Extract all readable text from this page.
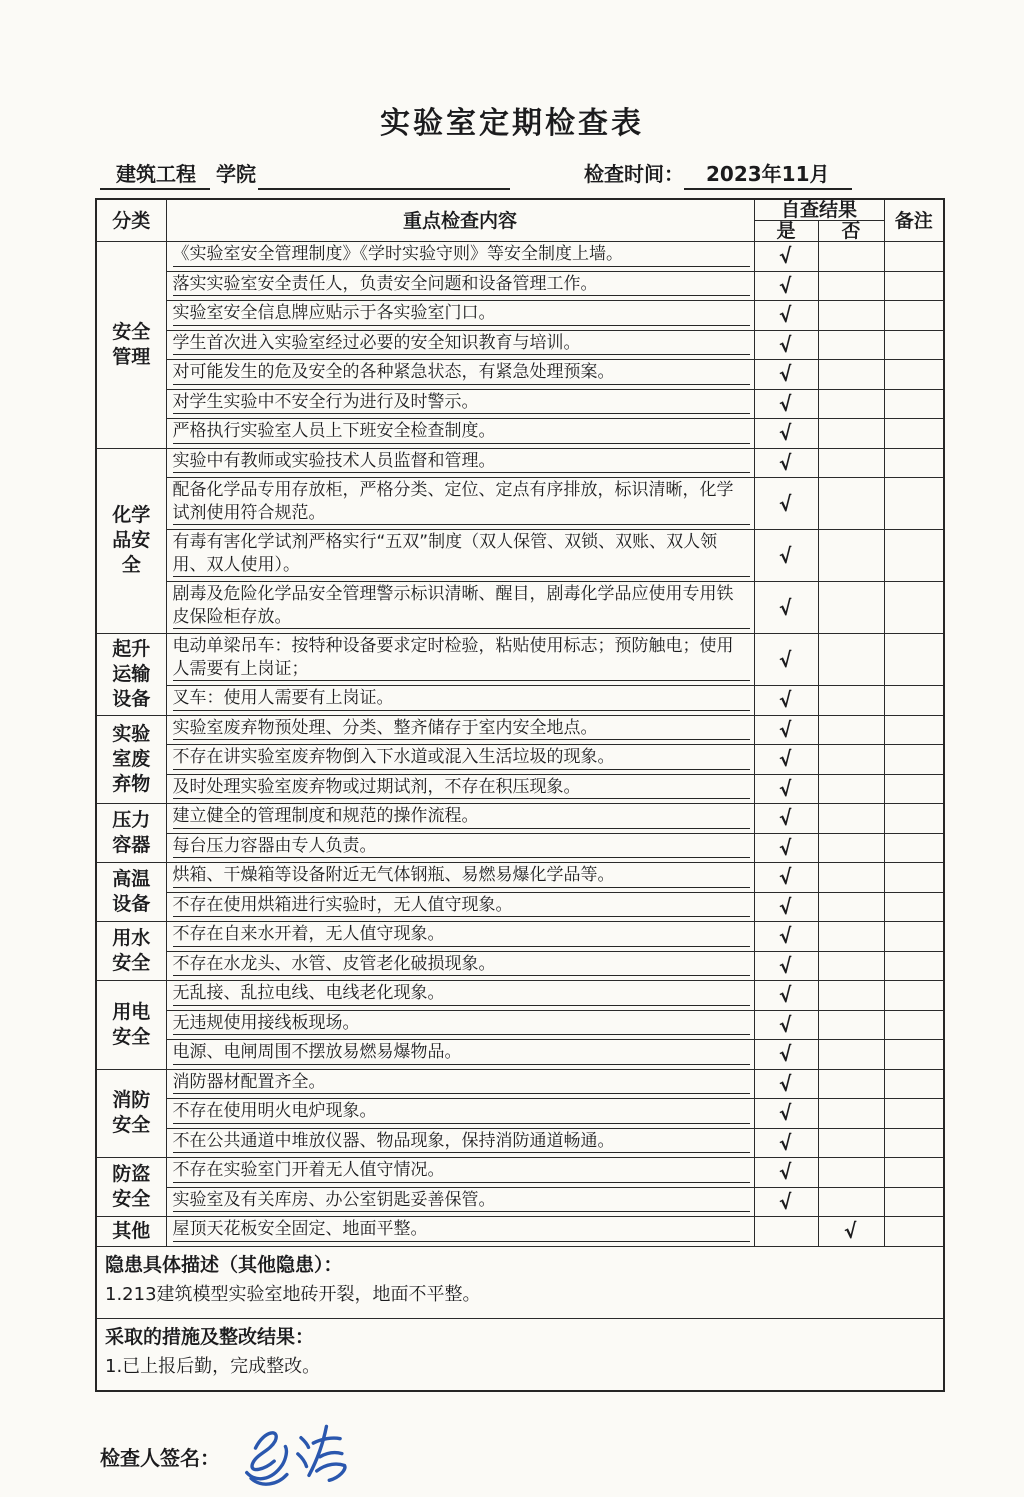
实验室定期检查表
建筑工程 学院	检查时间： 2023年11月
分类	重点检查内容	自查结果		备注
		是	否	
安全管理	《实验室安全管理制度》《学时实验守则》等安全制度上墙。	√		

	落实实验室安全责任人，负责安全问题和设备管理工作。	√		

	实验室安全信息牌应贴示于各实验室门口。	√		

	学生首次进入实验室经过必要的安全知识教育与培训。	√		

	对可能发生的危及安全的各种紧急状态，有紧急处理预案。	√		

	对学生实验中不安全行为进行及时警示。	√		

	严格执行实验室人员上下班安全检查制度。	√		
化学品安全	实验中有教师或实验技术人员监督和管理。	√		

	配备化学品专用存放柜，严格分类、定位、定点有序排放，标识清晰，化学试剂使用符合规范。	√		

	有毒有害化学试剂严格实行“五双”制度（双人保管、双锁、双账、双人领用、双人使用）。	√		

	剧毒及危险化学品安全管理警示标识清晰、醒目，剧毒化学品应使用专用铁皮保险柜存放。	√		
起升运输设备	电动单梁吊车：按特种设备要求定时检验，粘贴使用标志；预防触电；使用人需要有上岗证；	√		

	叉车：使用人需要有上岗证。	√		
实验室废弃物	实验室废弃物预处理、分类、整齐储存于室内安全地点。	√		

	不存在讲实验室废弃物倒入下水道或混入生活垃圾的现象。	√		

	及时处理实验室废弃物或过期试剂，不存在积压现象。	√		
压力容器	建立健全的管理制度和规范的操作流程。	√		

	每台压力容器由专人负责。	√		
高温设备	烘箱、干燥箱等设备附近无气体钢瓶、易燃易爆化学品等。	√		

	不存在使用烘箱进行实验时，无人值守现象。	√		
用水安全	不存在自来水开着，无人值守现象。	√		

	不存在水龙头、水管、皮管老化破损现象。	√		
用电安全	无乱接、乱拉电线、电线老化现象。	√		

	无违规使用接线板现场。	√		

	电源、电闸周围不摆放易燃易爆物品。	√		
消防安全	消防器材配置齐全。	√		

	不存在使用明火电炉现象。	√		

	不在公共通道中堆放仪器、物品现象，保持消防通道畅通。	√		
防盗安全	不存在实验室门开着无人值守情况。	√		

	实验室及有关库房、办公室钥匙妥善保管。	√		
其他	屋顶天花板安全固定、地面平整。		√	

隐患具体描述（其他隐患）：
1.213建筑模型实验室地砖开裂，地面不平整。				

采取的措施及整改结果：
1.已上报后勤，完成整改。				
检查人签名：
